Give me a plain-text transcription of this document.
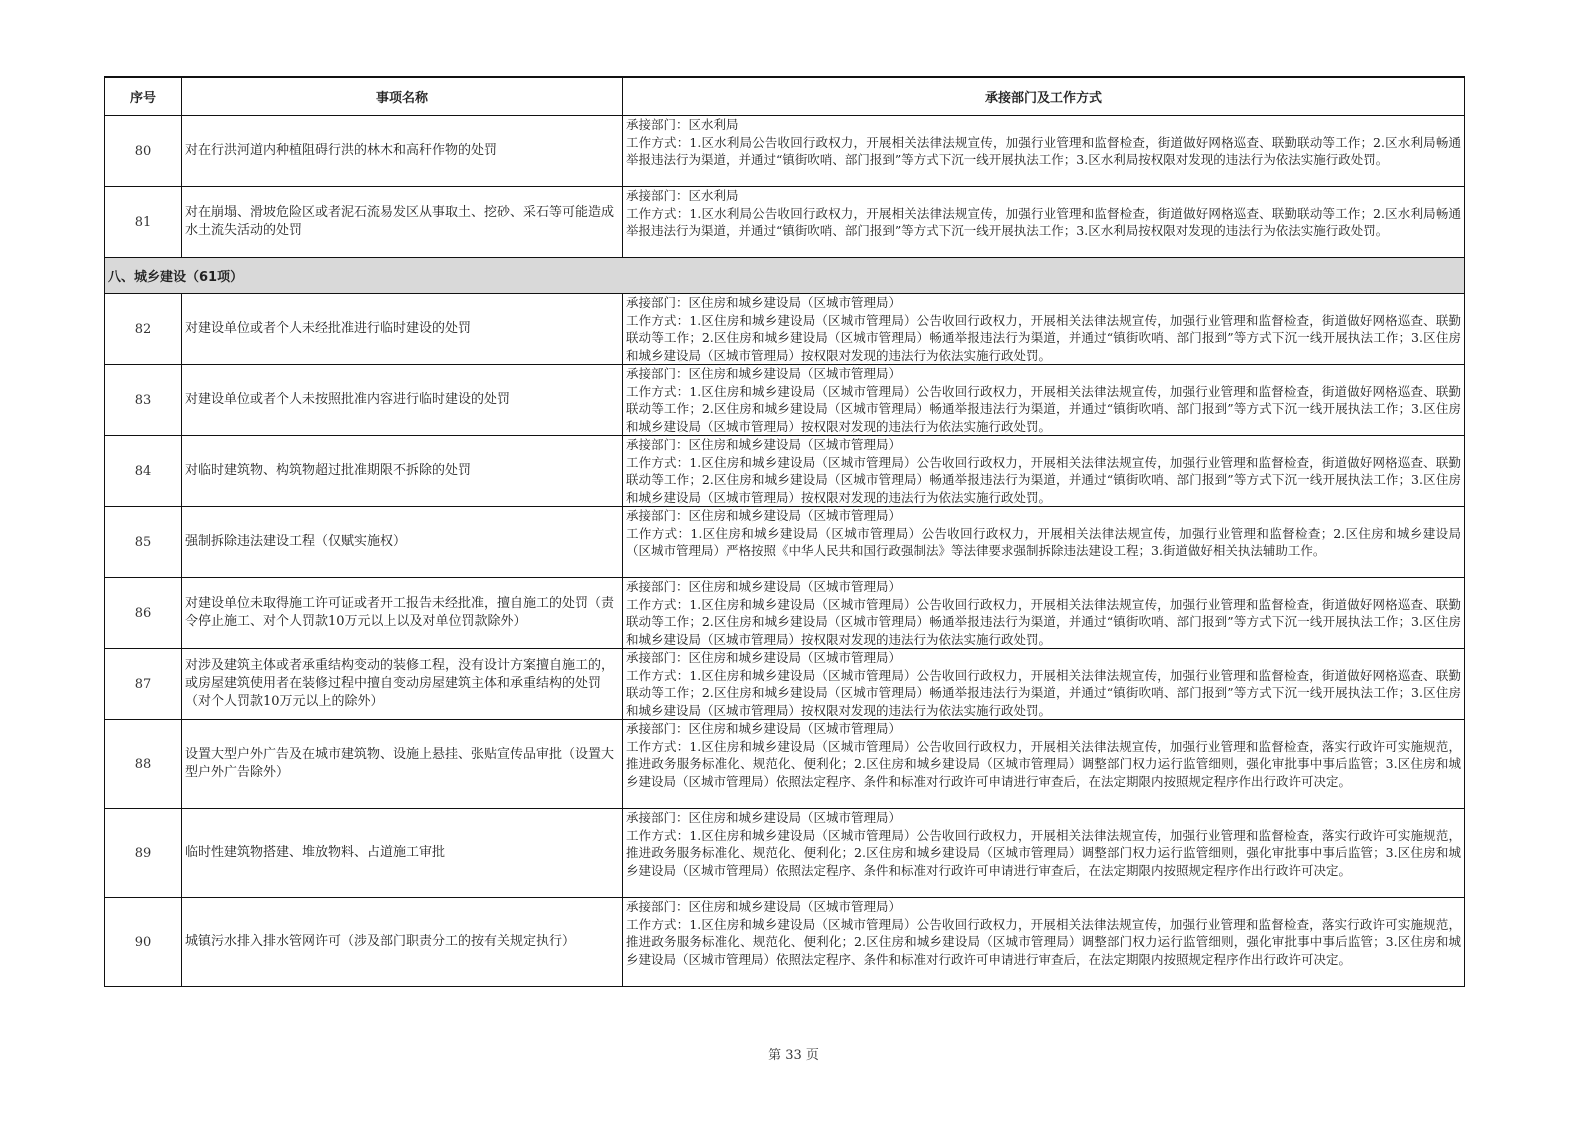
序号	事项名称	承接部门及工作方式
80	对在行洪河道内种植阻碍行洪的林木和高秆作物的处罚	承接部门：区水利局
工作方式：1.区水利局公告收回行政权力，开展相关法律法规宣传，加强行业管理和监督检查，街道做好网格巡查、联勤联动等工作；2.区水利局畅通举报违法行为渠道，并通过“镇街吹哨、部门报到”等方式下沉一线开展执法工作；3.区水利局按权限对发现的违法行为依法实施行政处罚。

81	对在崩塌、滑坡危险区或者泥石流易发区从事取土、挖砂、采石等可能造成水土流失活动的处罚	承接部门：区水利局
工作方式：1.区水利局公告收回行政权力，开展相关法律法规宣传，加强行业管理和监督检查，街道做好网格巡查、联勤联动等工作；2.区水利局畅通举报违法行为渠道，并通过“镇街吹哨、部门报到”等方式下沉一线开展执法工作；3.区水利局按权限对发现的违法行为依法实施行政处罚。

八、城乡建设（61项）		
82	对建设单位或者个人未经批准进行临时建设的处罚	承接部门：区住房和城乡建设局（区城市管理局）
工作方式：1.区住房和城乡建设局（区城市管理局）公告收回行政权力，开展相关法律法规宣传，加强行业管理和监督检查，街道做好网格巡查、联勤联动等工作；2.区住房和城乡建设局（区城市管理局）畅通举报违法行为渠道，并通过“镇街吹哨、部门报到”等方式下沉一线开展执法工作；3.区住房和城乡建设局（区城市管理局）按权限对发现的违法行为依法实施行政处罚。

83	对建设单位或者个人未按照批准内容进行临时建设的处罚	承接部门：区住房和城乡建设局（区城市管理局）
工作方式：1.区住房和城乡建设局（区城市管理局）公告收回行政权力，开展相关法律法规宣传，加强行业管理和监督检查，街道做好网格巡查、联勤联动等工作；2.区住房和城乡建设局（区城市管理局）畅通举报违法行为渠道，并通过“镇街吹哨、部门报到”等方式下沉一线开展执法工作；3.区住房和城乡建设局（区城市管理局）按权限对发现的违法行为依法实施行政处罚。

84	对临时建筑物、构筑物超过批准期限不拆除的处罚	承接部门：区住房和城乡建设局（区城市管理局）
工作方式：1.区住房和城乡建设局（区城市管理局）公告收回行政权力，开展相关法律法规宣传，加强行业管理和监督检查，街道做好网格巡查、联勤联动等工作；2.区住房和城乡建设局（区城市管理局）畅通举报违法行为渠道，并通过“镇街吹哨、部门报到”等方式下沉一线开展执法工作；3.区住房和城乡建设局（区城市管理局）按权限对发现的违法行为依法实施行政处罚。

85	强制拆除违法建设工程（仅赋实施权）	承接部门：区住房和城乡建设局（区城市管理局）
工作方式：1.区住房和城乡建设局（区城市管理局）公告收回行政权力，开展相关法律法规宣传，加强行业管理和监督检查；2.区住房和城乡建设局（区城市管理局）严格按照《中华人民共和国行政强制法》等法律要求强制拆除违法建设工程；3.街道做好相关执法辅助工作。

86	对建设单位未取得施工许可证或者开工报告未经批准，擅自施工的处罚（责令停止施工、对个人罚款10万元以上以及对单位罚款除外）	承接部门：区住房和城乡建设局（区城市管理局）
工作方式：1.区住房和城乡建设局（区城市管理局）公告收回行政权力，开展相关法律法规宣传，加强行业管理和监督检查，街道做好网格巡查、联勤联动等工作；2.区住房和城乡建设局（区城市管理局）畅通举报违法行为渠道，并通过“镇街吹哨、部门报到”等方式下沉一线开展执法工作；3.区住房和城乡建设局（区城市管理局）按权限对发现的违法行为依法实施行政处罚。

87	对涉及建筑主体或者承重结构变动的装修工程，没有设计方案擅自施工的，或房屋建筑使用者在装修过程中擅自变动房屋建筑主体和承重结构的处罚（对个人罚款10万元以上的除外）	承接部门：区住房和城乡建设局（区城市管理局）
工作方式：1.区住房和城乡建设局（区城市管理局）公告收回行政权力，开展相关法律法规宣传，加强行业管理和监督检查，街道做好网格巡查、联勤联动等工作；2.区住房和城乡建设局（区城市管理局）畅通举报违法行为渠道，并通过“镇街吹哨、部门报到”等方式下沉一线开展执法工作；3.区住房和城乡建设局（区城市管理局）按权限对发现的违法行为依法实施行政处罚。

88	设置大型户外广告及在城市建筑物、设施上悬挂、张贴宣传品审批（设置大型户外广告除外）	承接部门：区住房和城乡建设局（区城市管理局）
工作方式：1.区住房和城乡建设局（区城市管理局）公告收回行政权力，开展相关法律法规宣传，加强行业管理和监督检查，落实行政许可实施规范，推进政务服务标准化、规范化、便利化；2.区住房和城乡建设局（区城市管理局）调整部门权力运行监管细则，强化审批事中事后监管；3.区住房和城乡建设局（区城市管理局）依照法定程序、条件和标准对行政许可申请进行审查后，在法定期限内按照规定程序作出行政许可决定。

89	临时性建筑物搭建、堆放物料、占道施工审批	承接部门：区住房和城乡建设局（区城市管理局）
工作方式：1.区住房和城乡建设局（区城市管理局）公告收回行政权力，开展相关法律法规宣传，加强行业管理和监督检查，落实行政许可实施规范，推进政务服务标准化、规范化、便利化；2.区住房和城乡建设局（区城市管理局）调整部门权力运行监管细则，强化审批事中事后监管；3.区住房和城乡建设局（区城市管理局）依照法定程序、条件和标准对行政许可申请进行审查后，在法定期限内按照规定程序作出行政许可决定。

90	城镇污水排入排水管网许可（涉及部门职责分工的按有关规定执行）	承接部门：区住房和城乡建设局（区城市管理局）
工作方式：1.区住房和城乡建设局（区城市管理局）公告收回行政权力，开展相关法律法规宣传，加强行业管理和监督检查，落实行政许可实施规范，推进政务服务标准化、规范化、便利化；2.区住房和城乡建设局（区城市管理局）调整部门权力运行监管细则，强化审批事中事后监管；3.区住房和城乡建设局（区城市管理局）依照法定程序、条件和标准对行政许可申请进行审查后，在法定期限内按照规定程序作出行政许可决定。
第 33 页
